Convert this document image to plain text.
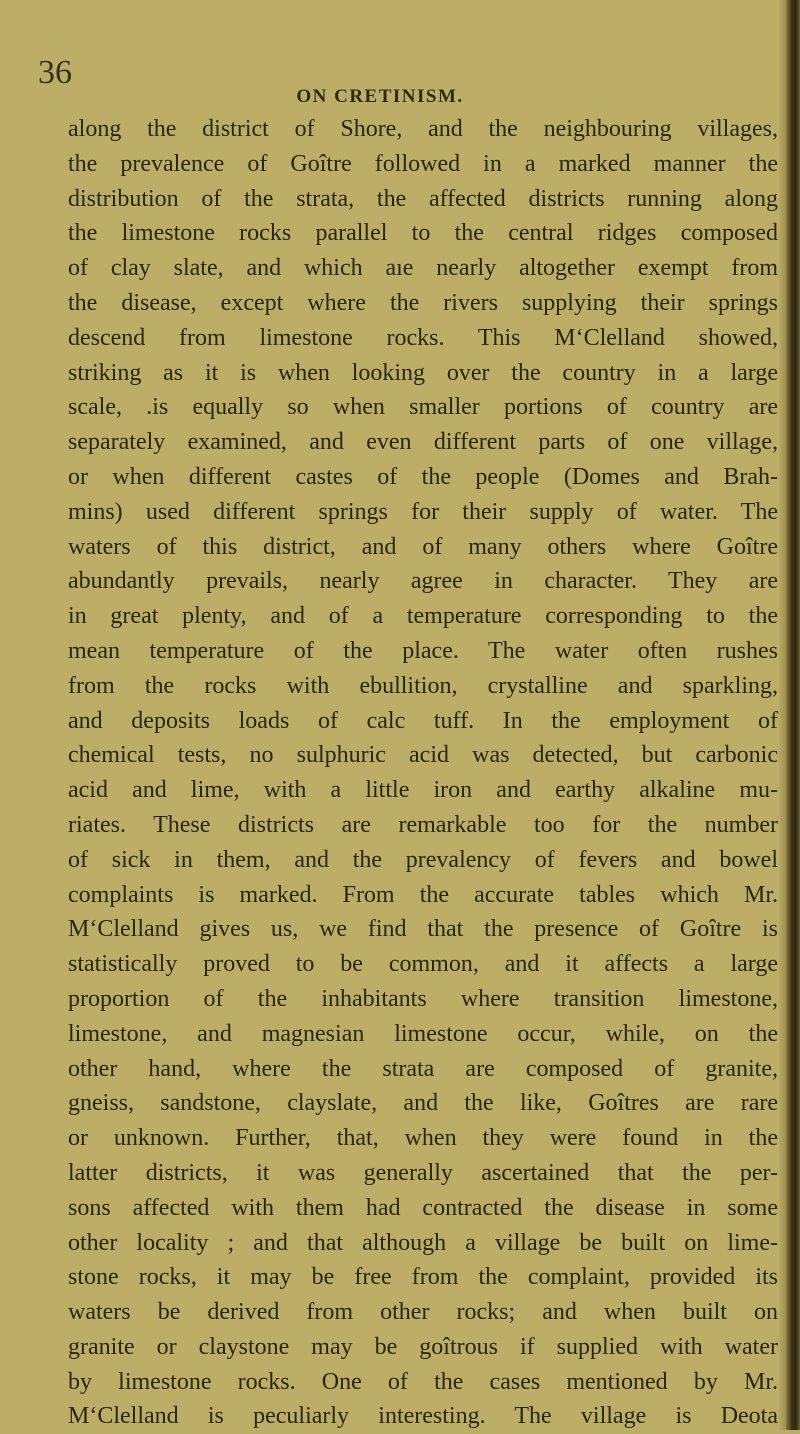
36
ON CRETINISM.
along the district of Shore, and the neighbouring villages,
the prevalence of Goître followed in a marked manner the
distribution of the strata, the affected districts running along
the limestone rocks parallel to the central ridges composed
of clay slate, and which aıe nearly altogether exempt from
the disease, except where the rivers supplying their springs
descend from limestone rocks. This M‘Clelland showed,
striking as it is when looking over the country in a large
scale, .is equally so when smaller portions of country are
separately examined, and even different parts of one village,
or when different castes of the people (Domes and Brah-
mins) used different springs for their supply of water. The
waters of this district, and of many others where Goître
abundantly prevails, nearly agree in character. They are
in great plenty, and of a temperature corresponding to the
mean temperature of the place. The water often rushes
from the rocks with ebullition, crystalline and sparkling,
and deposits loads of calc tuff. In the employment of
chemical tests, no sulphuric acid was detected, but carbonic
acid and lime, with a little iron and earthy alkaline mu-
riates. These districts are remarkable too for the number
of sick in them, and the prevalency of fevers and bowel
complaints is marked. From the accurate tables which Mr.
M‘Clelland gives us, we find that the presence of Goître is
statistically proved to be common, and it affects a large
proportion of the inhabitants where transition limestone,
limestone, and magnesian limestone occur, while, on the
other hand, where the strata are composed of granite,
gneiss, sandstone, clayslate, and the like, Goîtres are rare
or unknown. Further, that, when they were found in the
latter districts, it was generally ascertained that the per-
sons affected with them had contracted the disease in some
other locality ; and that although a village be built on lime-
stone rocks, it may be free from the complaint, provided its
waters be derived from other rocks; and when built on
granite or claystone may be goîtrous if supplied with water
by limestone rocks. One of the cases mentioned by Mr.
M‘Clelland is peculiarly interesting. The village is Deota
